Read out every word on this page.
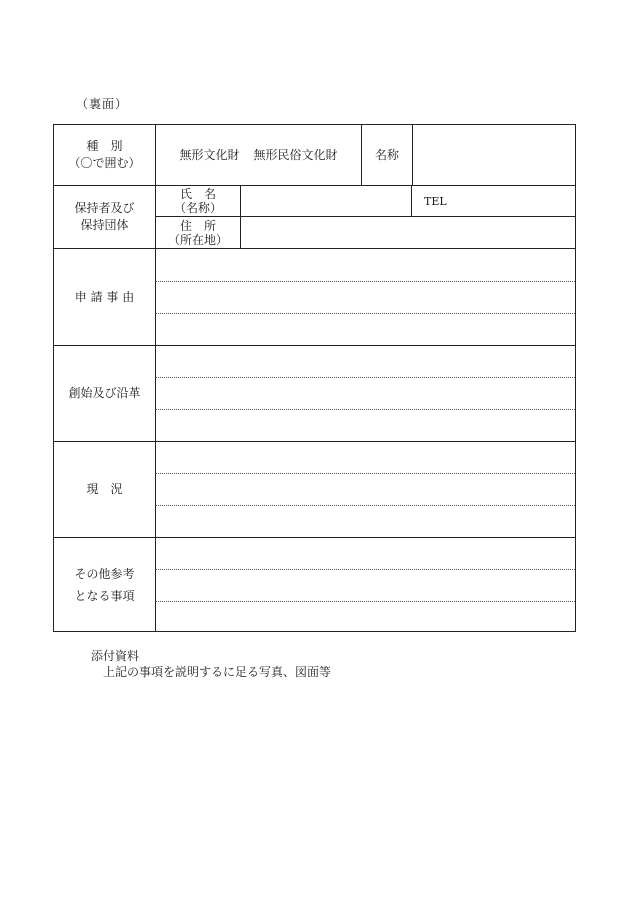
（裏面）
種　別
（〇で囲む）
無形文化財 無形民俗文化財	名称
保持者及び
保持団体
氏　名
（名称）	TEL
住　所
（所在地）
申 請 事 由
創始及び沿革
現　況
その他参考
となる事項
添付資料
上記の事項を説明するに足る写真、図面等
